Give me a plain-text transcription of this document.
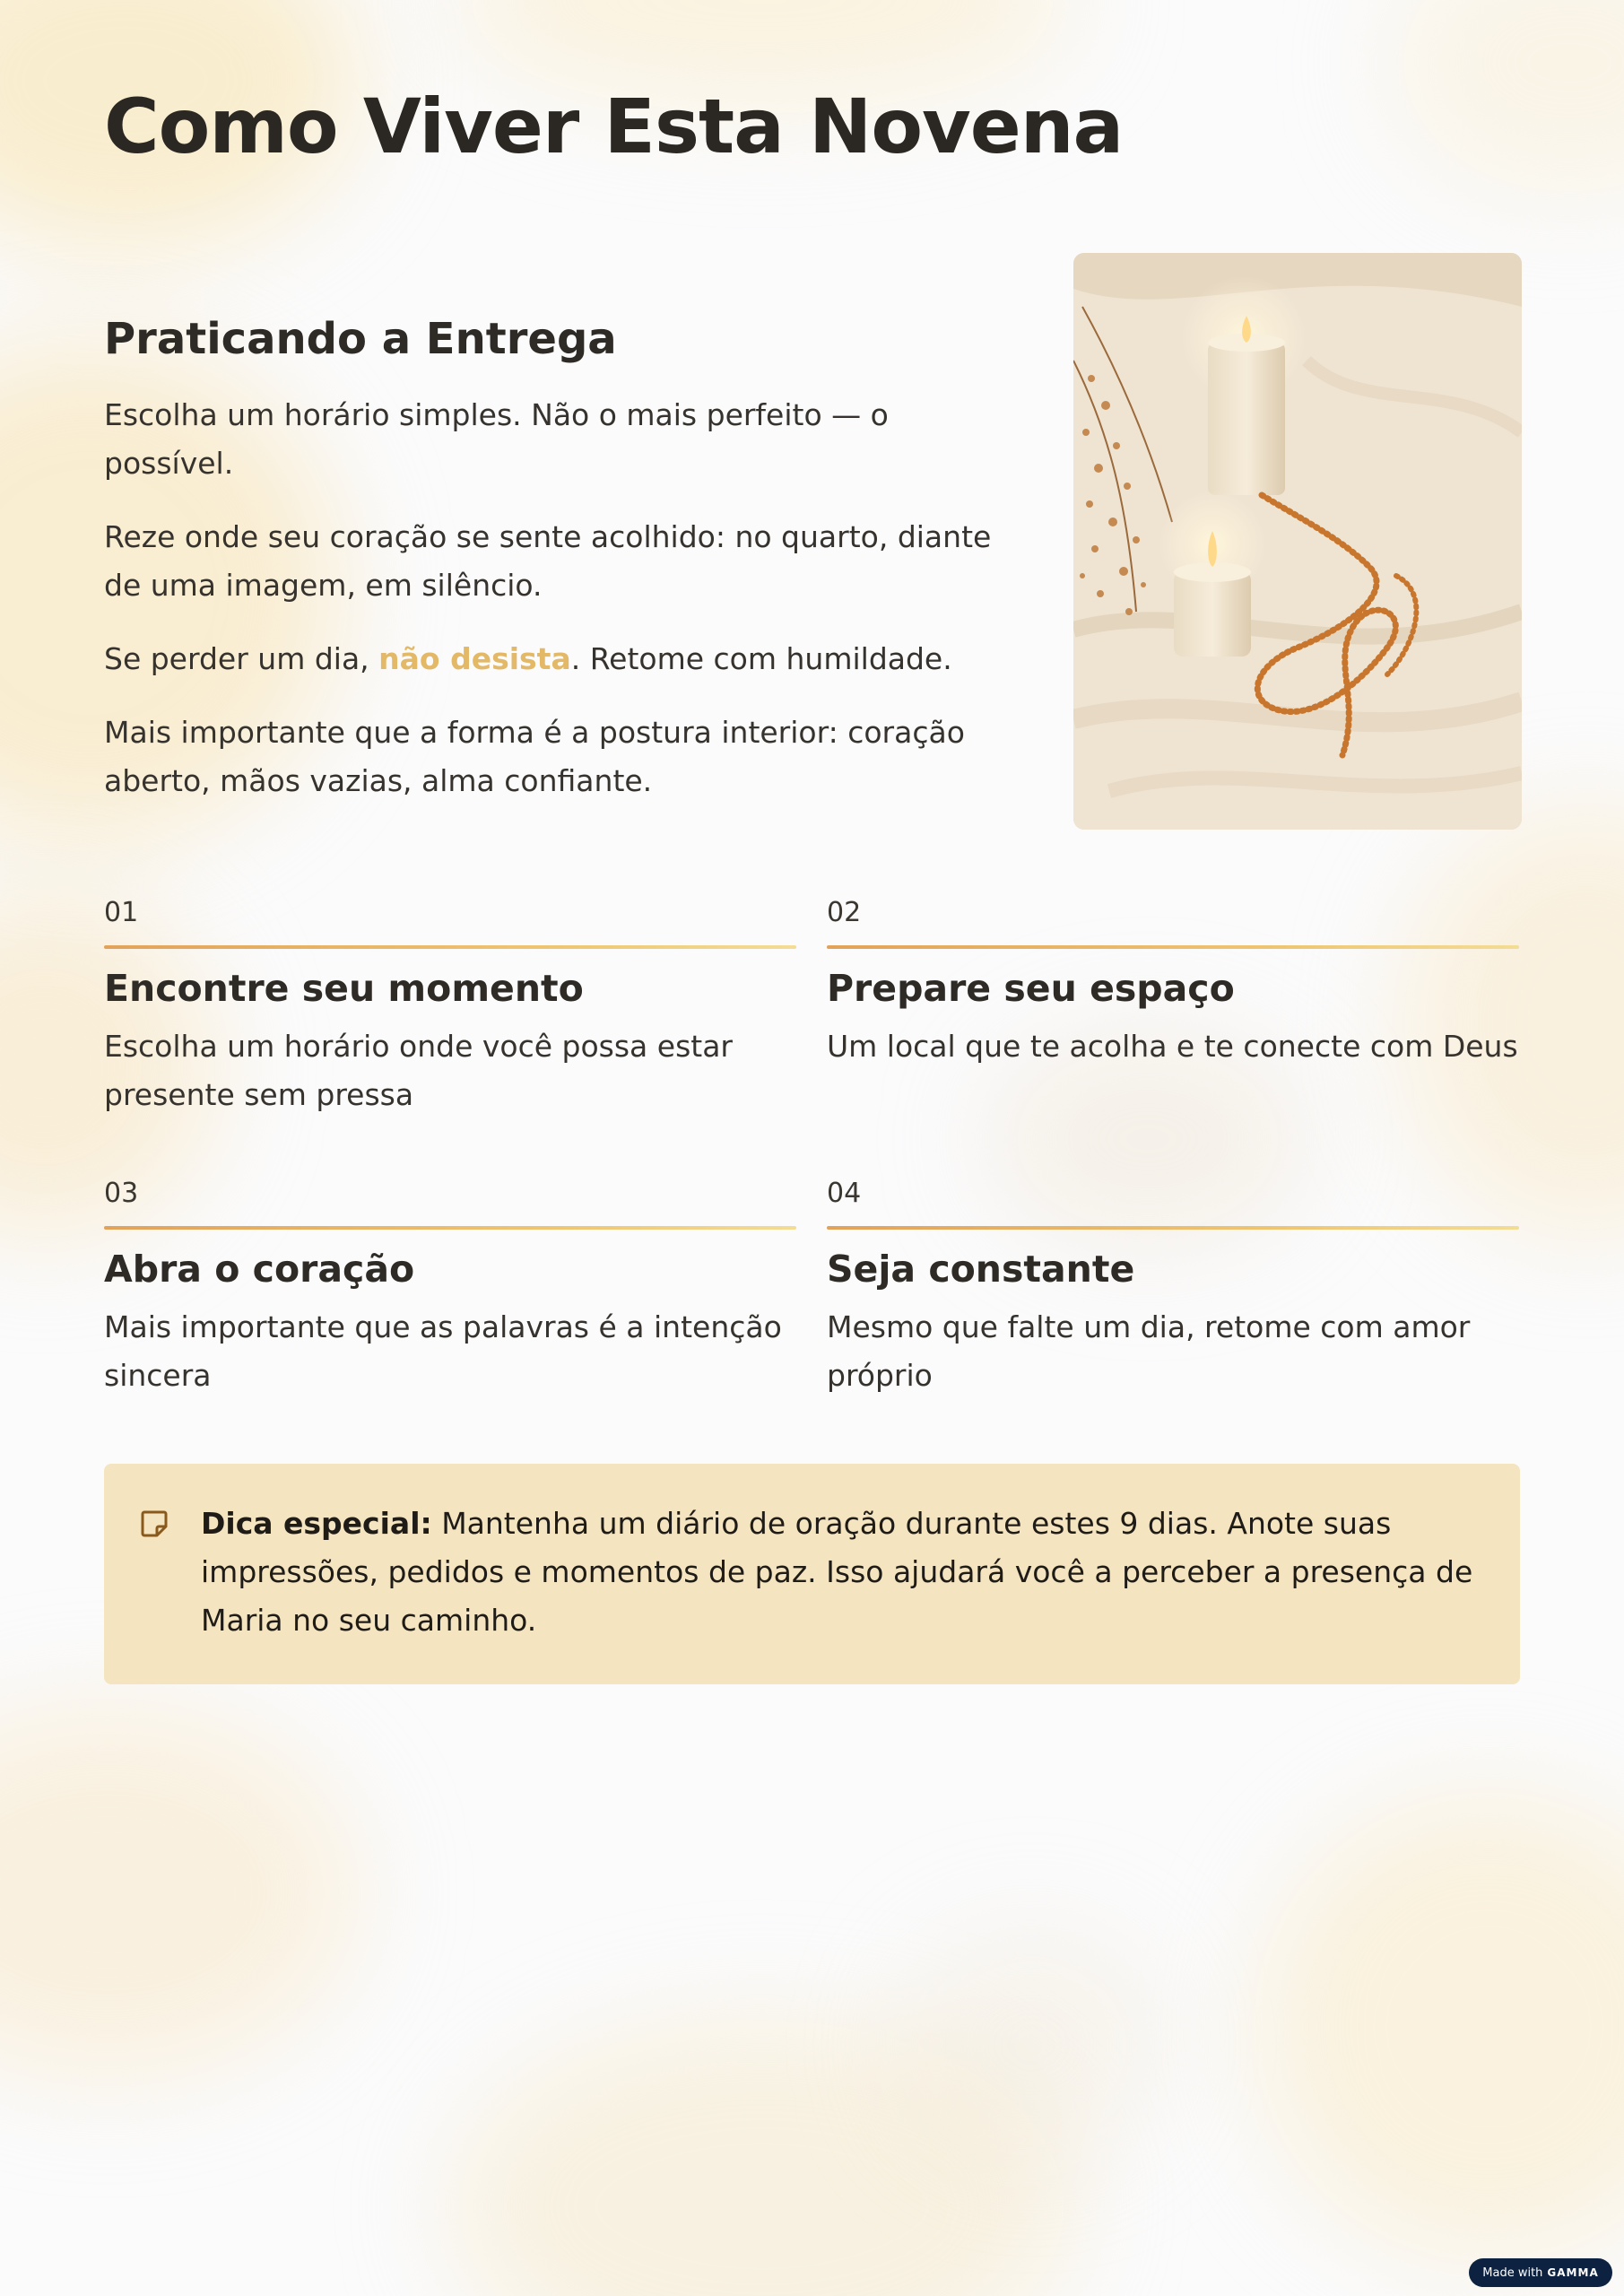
Como Viver Esta Novena
Praticando a Entrega

Escolha um horário simples. Não o mais perfeito — o possível.

Reze onde seu coração se sente acolhido: no quarto, diante de uma imagem, em silêncio.

Se perder um dia, não desista. Retome com humildade.

Mais importante que a forma é a postura interior: coração aberto, mãos vazias, alma confiante.

01
Encontre seu momento

Escolha um horário onde você possa estar presente sem pressa

02
Prepare seu espaço

Um local que te acolha e te conecte com Deus

03
Abra o coração

Mais importante que as palavras é a intenção sincera

04
Seja constante

Mesmo que falte um dia, retome com amor próprio

Dica especial: Mantenha um diário de oração durante estes 9 dias. Anote suas impressões, pedidos e momentos de paz. Isso ajudará você a perceber a presença de Maria no seu caminho.

Made with GAMMA
